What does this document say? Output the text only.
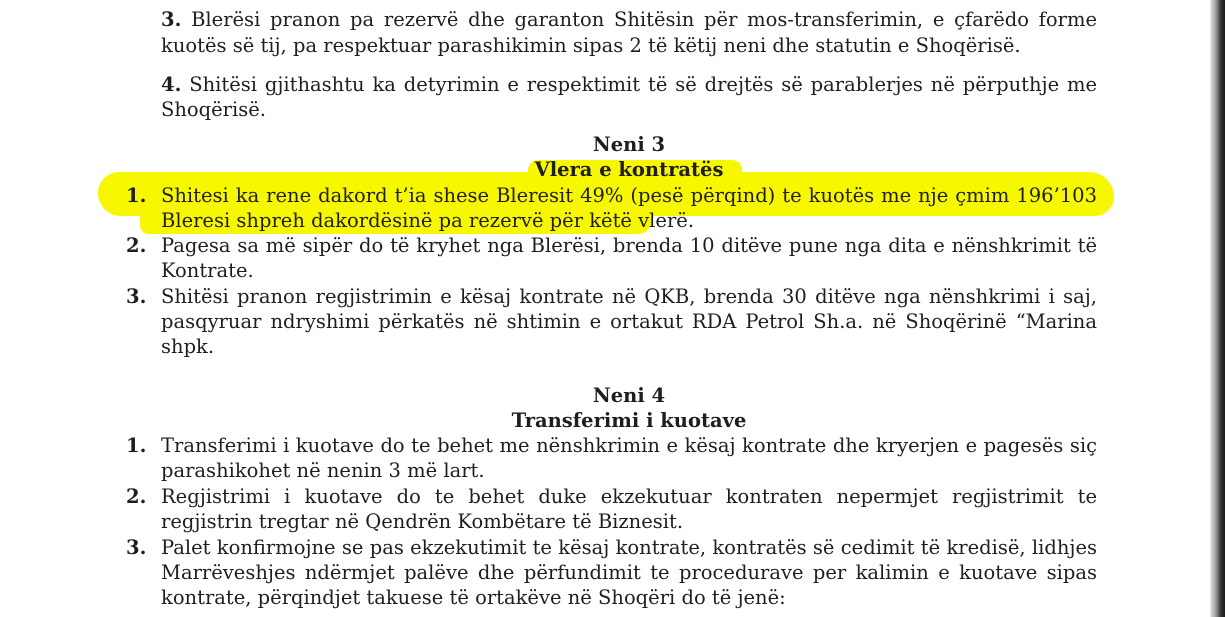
3. Blerësi pranon pa rezervë dhe garanton Shitësin për mos-transferimin, e çfarëdo forme
kuotës së tij, pa respektuar parashikimin sipas 2 të këtij neni dhe statutin e Shoqërisë.
4. Shitësi gjithashtu ka detyrimin e respektimit të së drejtës së parablerjes në përputhje me
Shoqërisë.
Neni 3
Vlera e kontratës
1. Shitesi ka rene dakord t’ia shese Bleresit 49% (pesë përqind) te kuotës me nje çmim 196’103
Bleresi shpreh dakordësinë pa rezervë për këtë vlerë.
2. Pagesa sa më sipër do të kryhet nga Blerësi, brenda 10 ditëve pune nga dita e nënshkrimit të
Kontrate.
3. Shitësi pranon regjistrimin e kësaj kontrate në QKB, brenda 30 ditëve nga nënshkrimi i saj,
pasqyruar ndryshimi përkatës në shtimin e ortakut RDA Petrol Sh.a. në Shoqërinë “Marina
shpk.
Neni 4
Transferimi i kuotave
1. Transferimi i kuotave do te behet me nënshkrimin e kësaj kontrate dhe kryerjen e pagesës siç
parashikohet në nenin 3 më lart.
2. Regjistrimi i kuotave do te behet duke ekzekutuar kontraten nepermjet regjistrimit te
regjistrin tregtar në Qendrën Kombëtare të Biznesit.
3. Palet konfirmojne se pas ekzekutimit te kësaj kontrate, kontratës së cedimit të kredisë, lidhjes
Marrëveshjes ndërmjet palëve dhe përfundimit te procedurave per kalimin e kuotave sipas
kontrate, përqindjet takuese të ortakëve në Shoqëri do të jenë:
